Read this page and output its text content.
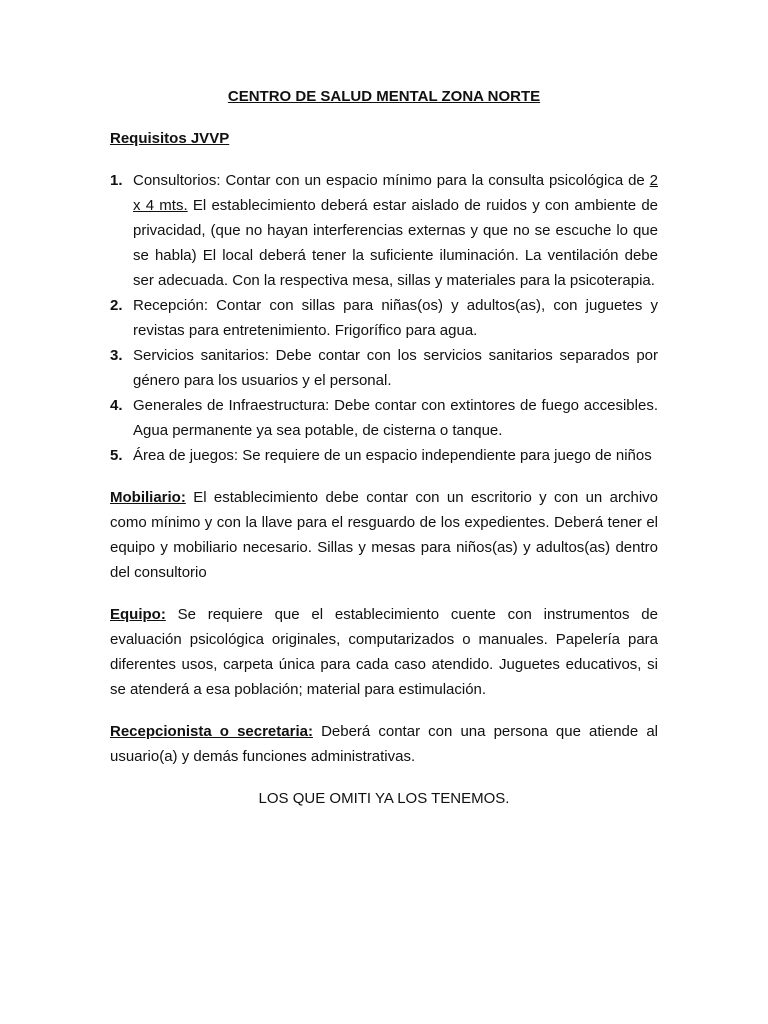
CENTRO DE SALUD MENTAL ZONA NORTE

Requisitos JVVP

1. Consultorios: Contar con un espacio mínimo para la consulta psicológica de 2 x 4 mts. El establecimiento deberá estar aislado de ruidos y con ambiente de privacidad, (que no hayan interferencias externas y que no se escuche lo que se habla) El local deberá tener la suficiente iluminación. La ventilación debe ser adecuada. Con la respectiva mesa, sillas y materiales para la psicoterapia.
2. Recepción: Contar con sillas para niñas(os) y adultos(as), con juguetes y revistas para entretenimiento. Frigorífico para agua.
3. Servicios sanitarios: Debe contar con los servicios sanitarios separados por género para los usuarios y el personal.
4. Generales de Infraestructura: Debe contar con extintores de fuego accesibles. Agua permanente ya sea potable, de cisterna o tanque.
5. Área de juegos: Se requiere de un espacio independiente para juego de niños

Mobiliario: El establecimiento debe contar con un escritorio y con un archivo como mínimo y con la llave para el resguardo de los expedientes. Deberá tener el equipo y mobiliario necesario. Sillas y mesas para niños(as) y adultos(as) dentro del consultorio

Equipo: Se requiere que el establecimiento cuente con instrumentos de evaluación psicológica originales, computarizados o manuales. Papelería para diferentes usos, carpeta única para cada caso atendido. Juguetes educativos, si se atenderá a esa población; material para estimulación.

Recepcionista o secretaria: Deberá contar con una persona que atiende al usuario(a) y demás funciones administrativas.

LOS QUE OMITI YA LOS TENEMOS.
